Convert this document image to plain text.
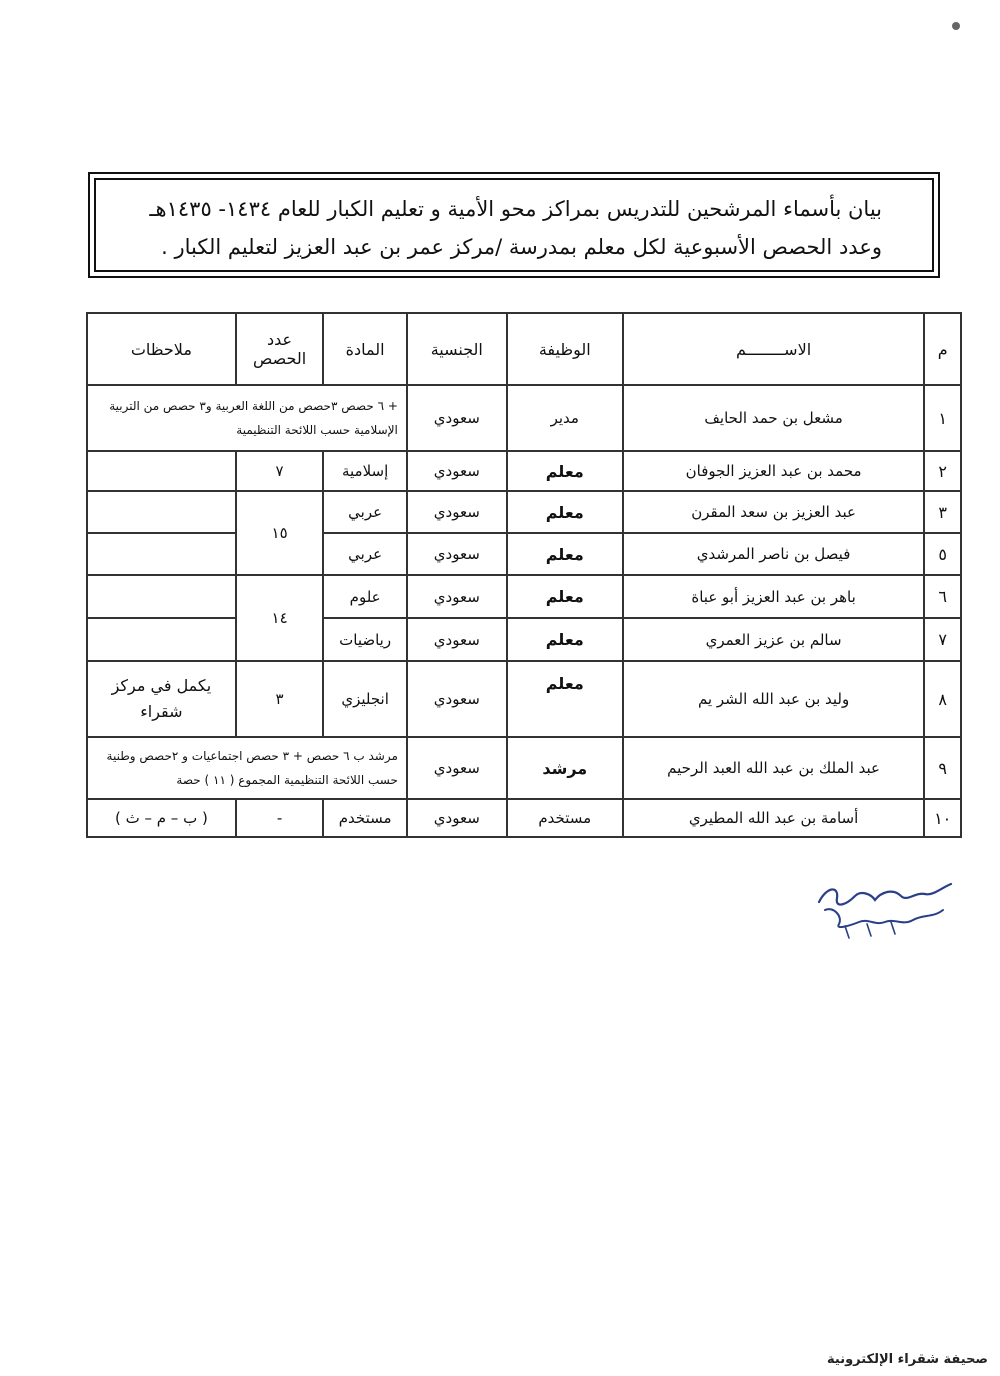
بيان بأسماء المرشحين للتدريس بمراكز محو الأمية و تعليم الكبار للعام ١٤٣٤- ١٤٣٥هـ
وعدد الحصص الأسبوعية لكل معلم بمدرسة /مركز عمر بن عبد العزيز لتعليم الكبار .
م	الاســــــــم	الوظيفة	الجنسية	المادة	عدد الحصص	ملاحظات
١	مشعل بن حمد الحايف	مدير	سعودي	+ ٦ حصص ٣حصص من اللغة العربية و٣ حصص من التربية الإسلامية حسب اللائحة التنظيمية		
٢	محمد بن عبد العزيز الجوفان	معلم	سعودي	إسلامية	٧	
٣	عبد العزيز بن سعد المقرن	معلم	سعودي	عربي	١٥	
٥	فيصل بن ناصر المرشدي	معلم	سعودي	عربي		
٦	باهر بن عبد العزيز أبو عباة	معلم	سعودي	علوم	١٤	
٧	سالم بن عزيز العمري	معلم	سعودي	رياضيات		
٨	وليد بن عبد الله الشر يم	معلم	سعودي	انجليزي	٣	يكمل في مركز شقراء
٩	عبد الملك بن عبد الله العبد الرحيم	مرشد	سعودي	مرشد ب ٦ حصص + ٣ حصص اجتماعيات و ٢حصص وطنية حسب اللائحة التنظيمية المجموع ( ١١ ) حصة		
١٠	أسامة بن عبد الله المطيري	مستخدم	سعودي	مستخدم	-	( ب – م – ث )
صحيفة شقراء الإلكترونية
